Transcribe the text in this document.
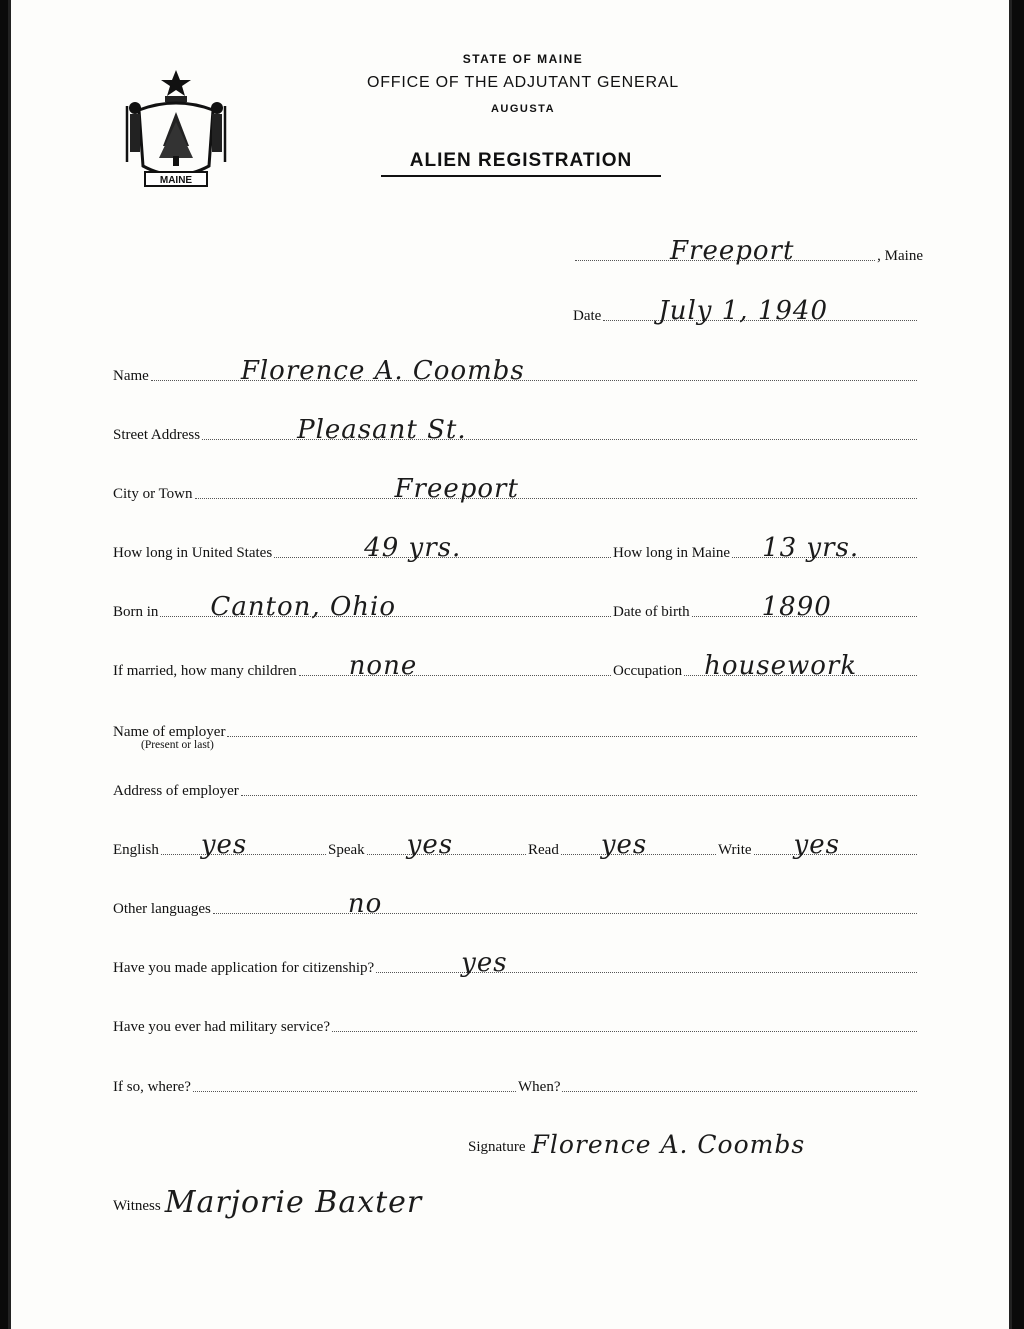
MAINE
STATE OF MAINE
OFFICE OF THE ADJUTANT GENERAL
AUGUSTA
ALIEN REGISTRATION
Freeport	, Maine
Date July 1, 1940
Name	Florence A. Coombs
Street Address	Pleasant St.
City or Town	Freeport
How long in United States	49 yrs.	How long in Maine 13 yrs.
Born in Canton, Ohio	Date of birth	1890
If married, how many children none	Occupation housework
Name of employer
(Present or last)
Address of employer
English yes	Speak yes	Read yes	Write yes
Other languages	no
Have you made application for citizenship?	yes
Have you ever had military service?
If so, where?	When?
Signature Florence A. Coombs
Witness Marjorie Baxter
